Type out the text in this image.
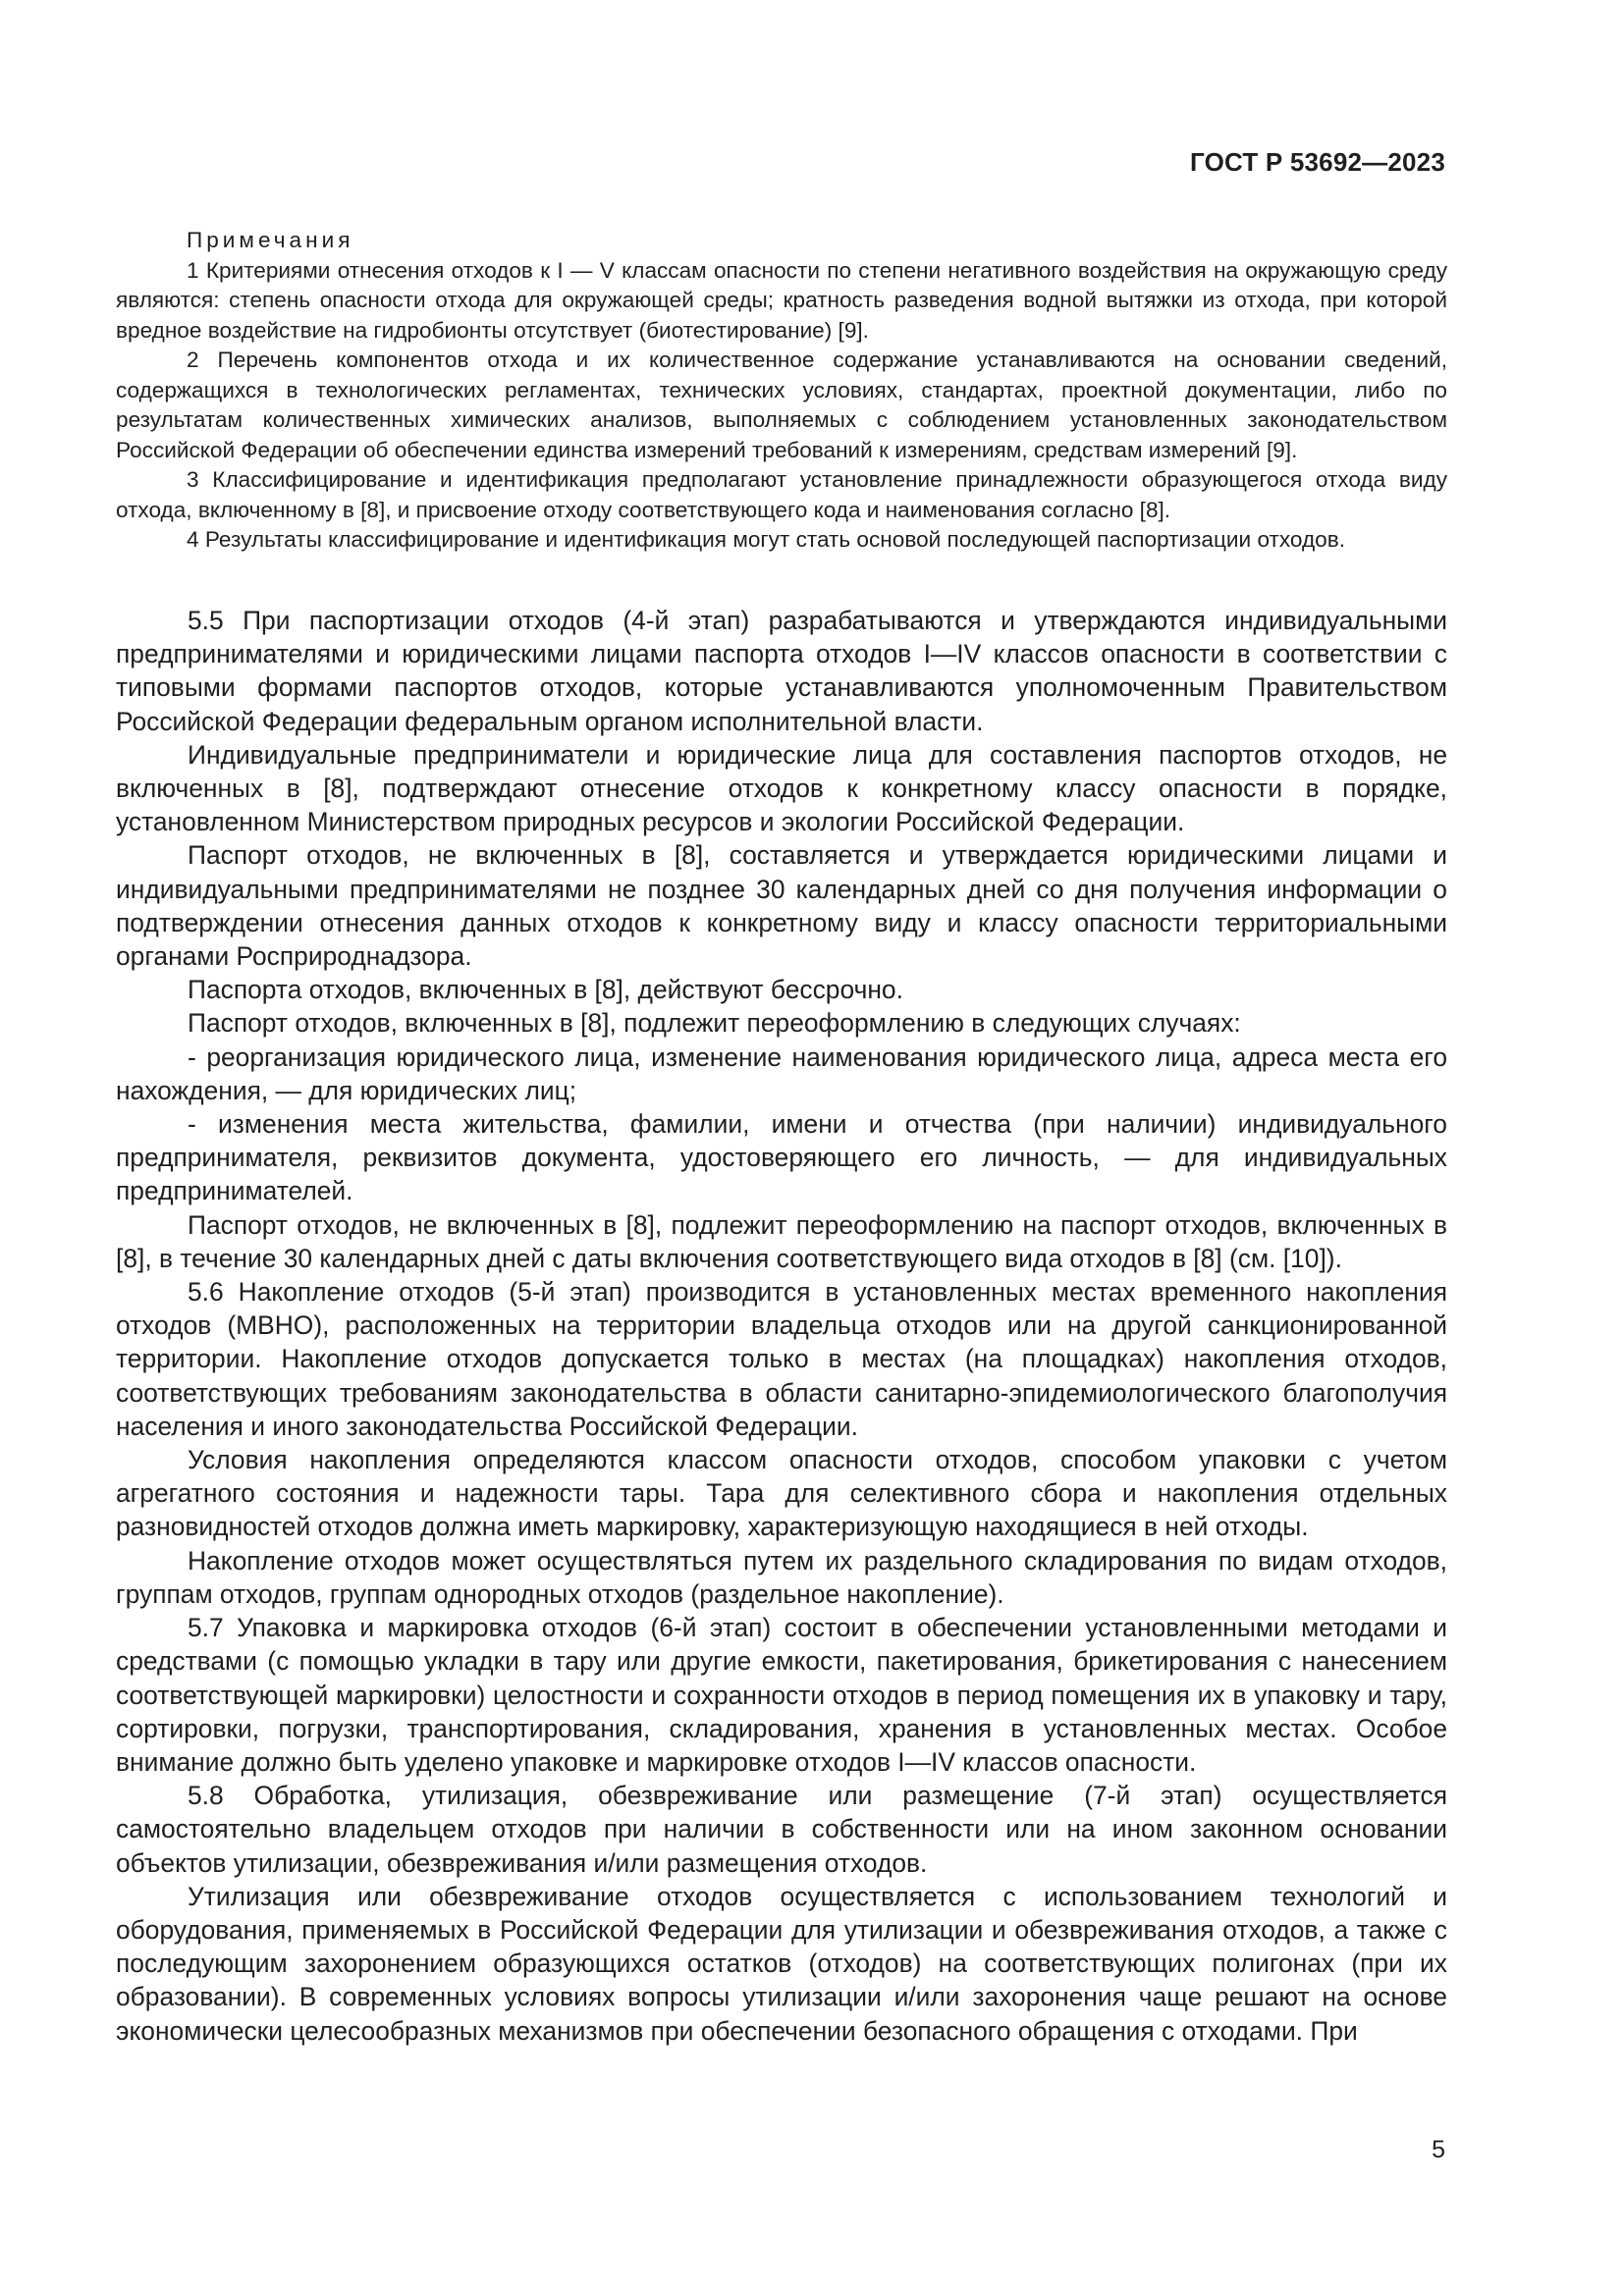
ГОСТ Р 53692—2023

Примечания

1 Критериями отнесения отходов к I — V классам опасности по степени негативного воздействия на окружающую среду являются: степень опасности отхода для окружающей среды; кратность разведения водной вытяжки из отхода, при которой вредное воздействие на гидробионты отсутствует (биотестирование) [9].

2 Перечень компонентов отхода и их количественное содержание устанавливаются на основании сведений, содержащихся в технологических регламентах, технических условиях, стандартах, проектной документации, либо по результатам количественных химических анализов, выполняемых с соблюдением установленных законодательством Российской Федерации об обеспечении единства измерений требований к измерениям, средствам измерений [9].

3 Классифицирование и идентификация предполагают установление принадлежности образующегося отхода виду отхода, включенному в [8], и присвоение отходу соответствующего кода и наименования согласно [8].

4 Результаты классифицирование и идентификация могут стать основой последующей паспортизации отходов.

5.5 При паспортизации отходов (4-й этап) разрабатываются и утверждаются индивидуальными предпринимателями и юридическими лицами паспорта отходов I—IV классов опасности в соответствии с типовыми формами паспортов отходов, которые устанавливаются уполномоченным Правительством Российской Федерации федеральным органом исполнительной власти.

Индивидуальные предприниматели и юридические лица для составления паспортов отходов, не включенных в [8], подтверждают отнесение отходов к конкретному классу опасности в порядке, установленном Министерством природных ресурсов и экологии Российской Федерации.

Паспорт отходов, не включенных в [8], составляется и утверждается юридическими лицами и индивидуальными предпринимателями не позднее 30 календарных дней со дня получения информации о подтверждении отнесения данных отходов к конкретному виду и классу опасности территориальными органами Росприроднадзора.

Паспорта отходов, включенных в [8], действуют бессрочно.

Паспорт отходов, включенных в [8], подлежит переоформлению в следующих случаях:

- реорганизация юридического лица, изменение наименования юридического лица, адреса места его нахождения, — для юридических лиц;

- изменения места жительства, фамилии, имени и отчества (при наличии) индивидуального предпринимателя, реквизитов документа, удостоверяющего его личность, — для индивидуальных предпринимателей.

Паспорт отходов, не включенных в [8], подлежит переоформлению на паспорт отходов, включенных в [8], в течение 30 календарных дней с даты включения соответствующего вида отходов в [8] (см. [10]).

5.6 Накопление отходов (5-й этап) производится в установленных местах временного накопления отходов (МВНО), расположенных на территории владельца отходов или на другой санкционированной территории. Накопление отходов допускается только в местах (на площадках) накопления отходов, соответствующих требованиям законодательства в области санитарно-эпидемиологического благополучия населения и иного законодательства Российской Федерации.

Условия накопления определяются классом опасности отходов, способом упаковки с учетом агрегатного состояния и надежности тары. Тара для селективного сбора и накопления отдельных разновидностей отходов должна иметь маркировку, характеризующую находящиеся в ней отходы.

Накопление отходов может осуществляться путем их раздельного складирования по видам отходов, группам отходов, группам однородных отходов (раздельное накопление).

5.7 Упаковка и маркировка отходов (6-й этап) состоит в обеспечении установленными методами и средствами (с помощью укладки в тару или другие емкости, пакетирования, брикетирования с нанесением соответствующей маркировки) целостности и сохранности отходов в период помещения их в упаковку и тару, сортировки, погрузки, транспортирования, складирования, хранения в установленных местах. Особое внимание должно быть уделено упаковке и маркировке отходов I—IV классов опасности.

5.8 Обработка, утилизация, обезвреживание или размещение (7-й этап) осуществляется самостоятельно владельцем отходов при наличии в собственности или на ином законном основании объектов утилизации, обезвреживания и/или размещения отходов.

Утилизация или обезвреживание отходов осуществляется с использованием технологий и оборудования, применяемых в Российской Федерации для утилизации и обезвреживания отходов, а также с последующим захоронением образующихся остатков (отходов) на соответствующих полигонах (при их образовании). В современных условиях вопросы утилизации и/или захоронения чаще решают на основе экономически целесообразных механизмов при обеспечении безопасного обращения с отходами. При

5
